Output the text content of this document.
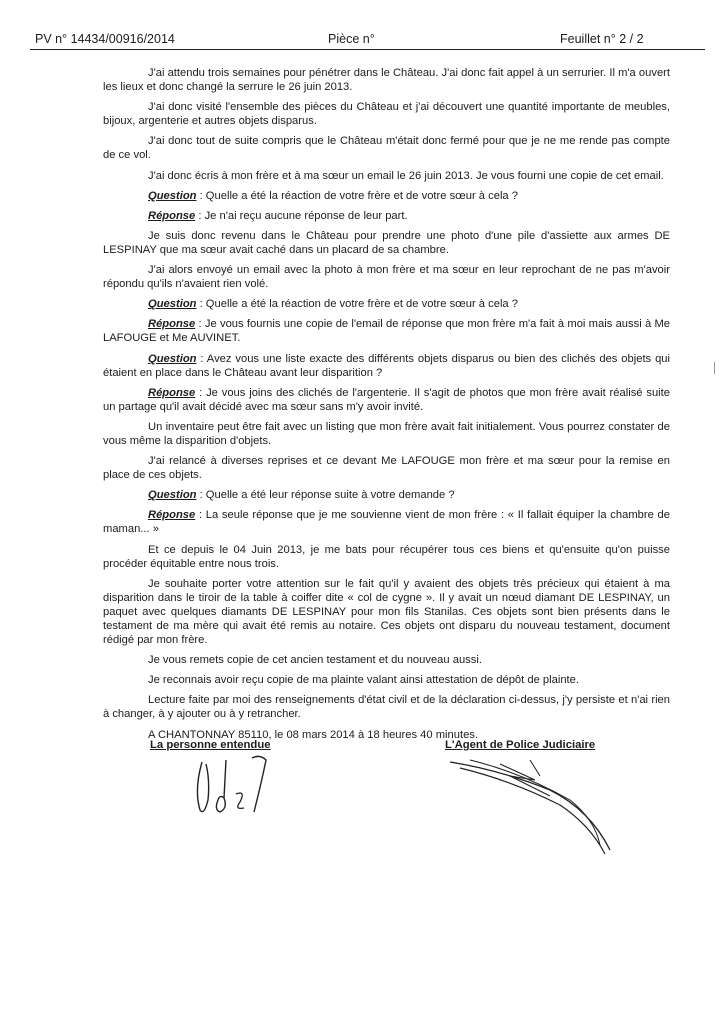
PV n° 14434/00916/2014	Pièce n°	Feuillet n° 2 / 2

J'ai attendu trois semaines pour pénétrer dans le Château. J'ai donc fait appel à un serrurier. Il m'a ouvert les lieux et donc changé la serrure le 26 juin 2013.

J'ai donc visité l'ensemble des pièces du Château et j'ai découvert une quantité importante de meubles, bijoux, argenterie et autres objets disparus.

J'ai donc tout de suite compris que le Château m'était donc fermé pour que je ne me rende pas compte de ce vol.

J'ai donc écris à mon frère et à ma sœur un email le 26 juin 2013. Je vous fourni une copie de cet email.

Question : Quelle a été la réaction de votre frère et de votre sœur à cela ?

Réponse : Je n'ai reçu aucune réponse de leur part.

Je suis donc revenu dans le Château pour prendre une photo d'une pile d'assiette aux armes DE LESPINAY que ma sœur avait caché dans un placard de sa chambre.

J'ai alors envoyé un email avec la photo à mon frère et ma sœur en leur reprochant de ne pas m'avoir répondu qu'ils n'avaient rien volé.

Question : Quelle a été la réaction de votre frère et de votre sœur à cela ?

Réponse : Je vous fournis une copie de l'email de réponse que mon frère m'a fait à moi mais aussi à Me LAFOUGE et Me AUVINET.

Question : Avez vous une liste exacte des différents objets disparus ou bien des clichés des objets qui étaient en place dans le Château avant leur disparition ?

Réponse : Je vous joins des clichés de l'argenterie. Il s'agit de photos que mon frère avait réalisé suite un partage qu'il avait décidé avec ma sœur sans m'y avoir invité.

Un inventaire peut être fait avec un listing que mon frère avait fait initialement. Vous pourrez constater de vous même la disparition d'objets.

J'ai relancé à diverses reprises et ce devant Me LAFOUGE mon frère et ma sœur pour la remise en place de ces objets.

Question : Quelle a été leur réponse suite à votre demande ?

Réponse : La seule réponse que je me souvienne vient de mon frère : « Il fallait équiper la chambre de maman... »

Et ce depuis le 04 Juin 2013, je me bats pour récupérer tous ces biens et qu'ensuite qu'on puisse procéder équitable entre nous trois.

Je souhaite porter votre attention sur le fait qu'il y avaient des objets très précieux qui étaient à ma disparition dans le tiroir de la table à coiffer dite « col de cygne ». Il y avait un nœud diamant DE LESPINAY, un paquet avec quelques diamants DE LESPINAY pour mon fils Stanilas. Ces objets sont bien présents dans le testament de ma mère qui avait été remis au notaire. Ces objets ont disparu du nouveau testament, document rédigé par mon frère.

Je vous remets copie de cet ancien testament et du nouveau aussi.

Je reconnais avoir reçu copie de ma plainte valant ainsi attestation de dépôt de plainte.

Lecture faite par moi des renseignements d'état civil et de la déclaration ci-dessus, j'y persiste et n'ai rien à changer, à y ajouter ou à y retrancher.

A CHANTONNAY 85110, le 08 mars 2014 à 18 heures 40 minutes.

La personne entendue	L'Agent de Police Judiciaire
